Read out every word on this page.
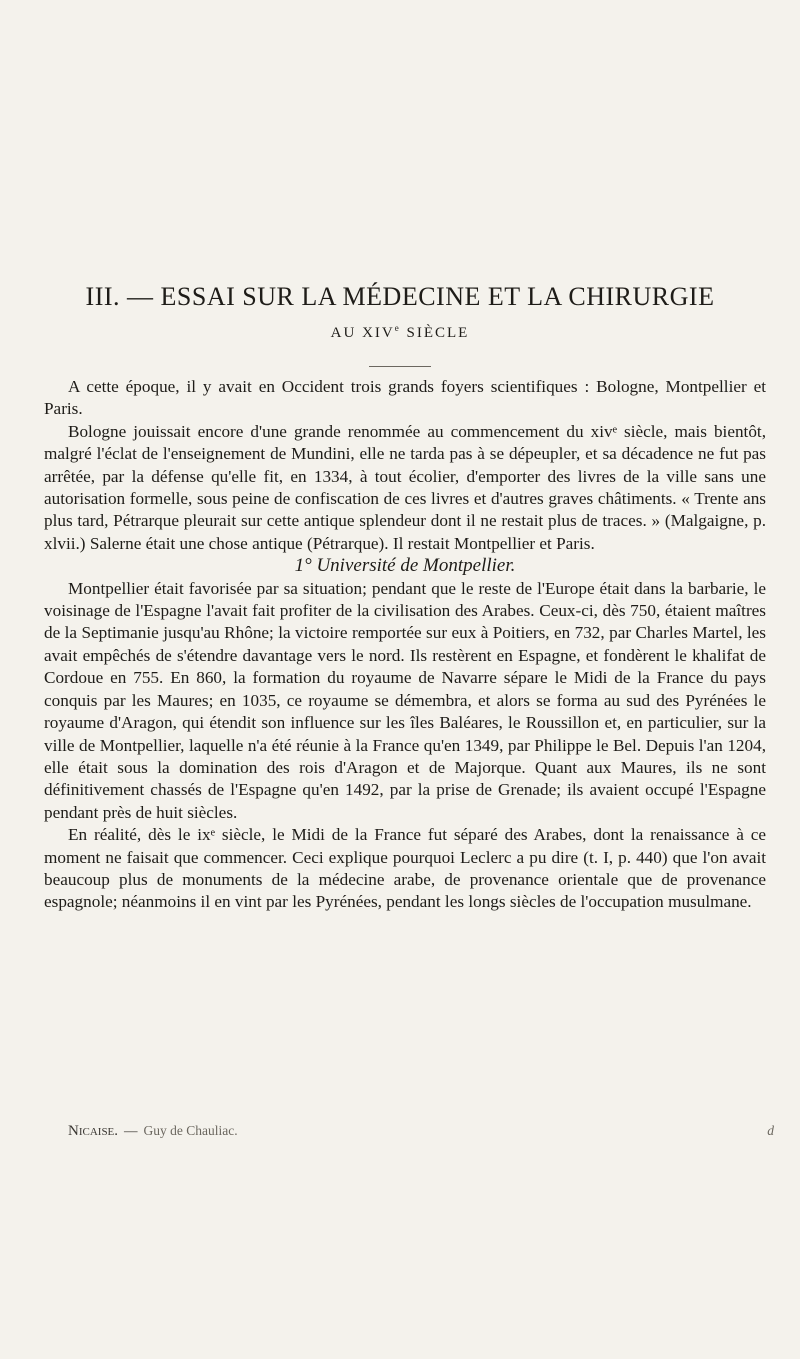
III. — ESSAI SUR LA MÉDECINE ET LA CHIRURGIE
AU XIVe SIÈCLE

A cette époque, il y avait en Occident trois grands foyers scientifiques : Bologne, Montpellier et Paris.

Bologne jouissait encore d'une grande renommée au commencement du xivᵉ siècle, mais bientôt, malgré l'éclat de l'enseignement de Mundini, elle ne tarda pas à se dépeupler, et sa décadence ne fut pas arrêtée, par la défense qu'elle fit, en 1334, à tout écolier, d'emporter des livres de la ville sans une autorisation formelle, sous peine de confiscation de ces livres et d'autres graves châtiments. « Trente ans plus tard, Pétrarque pleurait sur cette antique splendeur dont il ne restait plus de traces. » (Malgaigne, p. xlvii.) Salerne était une chose antique (Pétrarque). Il restait Montpellier et Paris.

1° Université de Montpellier.

Montpellier était favorisée par sa situation; pendant que le reste de l'Europe était dans la barbarie, le voisinage de l'Espagne l'avait fait profiter de la civilisation des Arabes. Ceux-ci, dès 750, étaient maîtres de la Septimanie jusqu'au Rhône; la victoire remportée sur eux à Poitiers, en 732, par Charles Martel, les avait empêchés de s'étendre davantage vers le nord. Ils restèrent en Espagne, et fondèrent le khalifat de Cordoue en 755. En 860, la formation du royaume de Navarre sépare le Midi de la France du pays conquis par les Maures; en 1035, ce royaume se démembra, et alors se forma au sud des Pyrénées le royaume d'Aragon, qui étendit son influence sur les îles Baléares, le Roussillon et, en particulier, sur la ville de Montpellier, laquelle n'a été réunie à la France qu'en 1349, par Philippe le Bel. Depuis l'an 1204, elle était sous la domination des rois d'Aragon et de Majorque. Quant aux Maures, ils ne sont définitivement chassés de l'Espagne qu'en 1492, par la prise de Grenade; ils avaient occupé l'Espagne pendant près de huit siècles.

En réalité, dès le ixᵉ siècle, le Midi de la France fut séparé des Arabes, dont la renaissance à ce moment ne faisait que commencer. Ceci explique pourquoi Leclerc a pu dire (t. I, p. 440) que l'on avait beaucoup plus de monuments de la médecine arabe, de provenance orientale que de provenance espagnole; néanmoins il en vint par les Pyrénées, pendant les longs siècles de l'occupation musulmane.

Nicaise. — Guy de Chauliac.	d
